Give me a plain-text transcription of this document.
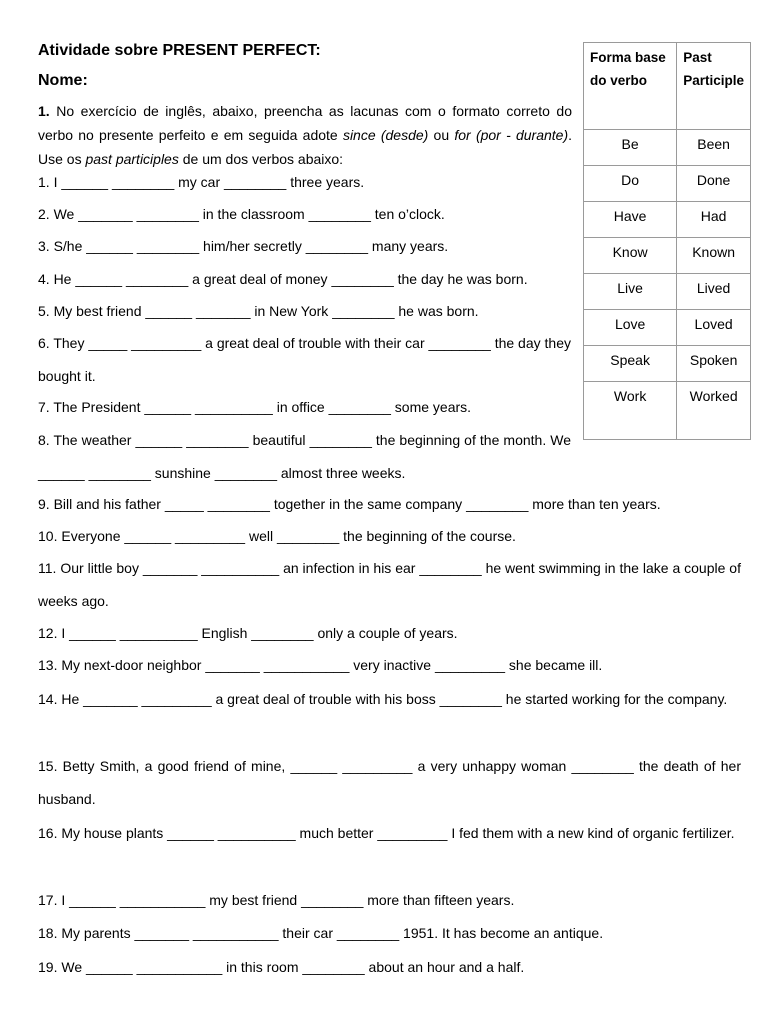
Atividade sobre PRESENT PERFECT:
Nome:
1. No exercício de inglês, abaixo, preencha as lacunas com o formato correto do verbo no presente perfeito e em seguida adote since (desde) ou for (por - durante). Use os past participles de um dos verbos abaixo:
1. I ______ ________ my car ________ three years.
2. We _______ ________ in the classroom ________ ten o’clock.
3. S/he ______ ________ him/her secretly ________ many years.
4. He ______ ________ a great deal of money ________ the day he was born.
5. My best friend ______ _______ in New York ________ he was born.
6. They _____ _________ a great deal of trouble with their car ________ the day they bought it.
7. The President ______ __________ in office ________ some years.
8. The weather ______ ________ beautiful ________ the beginning of the month. We ______ ________ sunshine ________ almost three weeks.
9. Bill and his father _____ ________ together in the same company ________ more than ten years.
10. Everyone ______ _________ well ________ the beginning of the course.
11. Our little boy _______ __________ an infection in his ear ________ he went swimming in the lake a couple of weeks ago.
12. I ______ __________ English ________ only a couple of years.
13. My next-door neighbor _______ ___________ very inactive _________ she became ill.
14. He _______ _________ a great deal of trouble with his boss ________ he started working for the company.
15. Betty Smith, a good friend of mine, ______ _________ a very unhappy woman ________ the death of her husband.
16. My house plants ______ __________ much better _________ I fed them with a new kind of organic fertilizer.
17. I ______ ___________ my best friend ________ more than fifteen years.
18. My parents _______ ___________ their car ________ 1951. It has become an antique.
19. We ______ ___________ in this room ________ about an hour and a half.
Forma base do verbo	Past Participle
Be	Been
Do	Done
Have	Had
Know	Known
Live	Lived
Love	Loved
Speak	Spoken
Work	Worked
